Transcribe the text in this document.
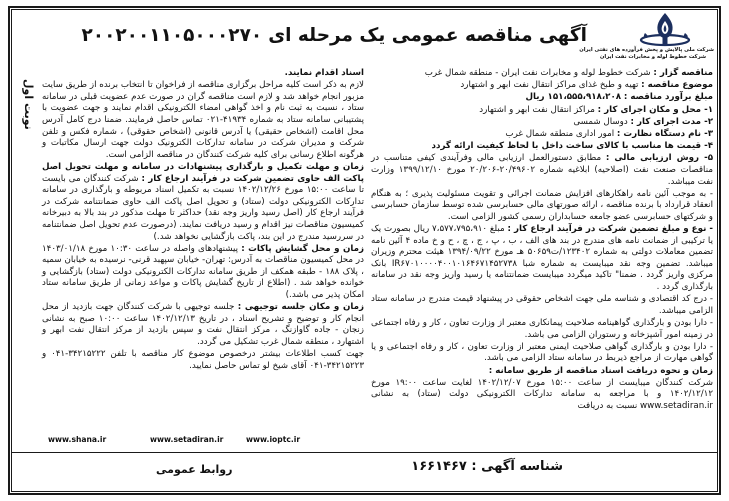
شرکت ملی پالایش و پخش فرآورده های نفتی ایران
شرکت خطوط لوله و مخابرات نفت ایران
آگهی مناقصه عمومی یک مرحله ای۲۰۰۲۰۰۱۱۰۵۰۰۰۲۷۰
نوبت اول

مناقصه گزار : شرکت خطوط لوله و مخابرات نفت ایران - منطقه شمال غرب

موضوع مناقصه : تهیه و طبخ غذای مراکز انتقال نفت ابهر و اشتهارد

مبلغ برآورد مناقصه : ۱۵۱،۵۵۵،۹۱۸،۲۰۸ ریال

۱- محل و مکان اجرای کار : مراکز انتقال نفت ابهر و اشتهارد

۲- مدت اجرای کار : دوسال شمسی

۳- نام دستگاه نظارت : امور اداری منطقه شمال غرب

۴- قیمت ها مناسب با کالای ساخت داخل با لحاظ کیفیت ارائه گردد

۵- روش ارزیابی مالی : مطابق دستورالعمل ارزیابی مالی وفرآیندی کیفی متناسب در مناقصات صنعت نفت (اصلاحیه) ابلاغیه شماره ۲۰/۴۹۶۰۲-۲۰/۲۰۶ مورخ ۱۳۹۹/۱۲/۱۰ وزارت نفت میباشد.

- به موجب آئین نامه راهکارهای افزایش ضمانت اجرائی و تقویت مسئولیت پذیری ؛ به هنگام انعقاد قرارداد با برنده مناقصه ، ارائه صورتهای مالی حسابرسی شده توسط سازمان حسابرسی و شرکتهای حسابرسی عضو جامعه حسابداران رسمی کشور الزامی است.

- نوع و مبلغ تضمین شرکت در فرآیند ارجاع کار : مبلغ ۷،۵۷۷،۷۹۵،۹۱۰ ریال بصورت یک یا ترکیبی از ضمانت نامه های مندرج در بند های الف ، ب ، پ ، ج ، چ ، ح و خ ماده ۴ آئین نامه تضمین معاملات دولتی به شماره ۱۲۳۴۰۲/ت۵۰۶۵۹ هـ مورخ ۱۳۹۴/۰۹/۲۲ هیئت محترم وزیران میباشد. تضمین وجه نقد میبایست به شماره شبا IR۶۷۰۱۰۰۰۰۴۰۰۱۰۱۶۴۶۷۱۴۵۲۷۳۸ بانک مرکزی واریز گردد . ضمنا" تاکید میگردد میبایست ضمانتنامه یا رسید واریز وجه نقد در سامانه بارگذاری گردد .

- درج کد اقتصادی و شناسه ملی جهت اشخاص حقوقی در پیشنهاد قیمت مندرج در سامانه ستاد الزامی میباشد.

- دارا بودن و بارگذاری گواهینامه صلاحیت پیمانکاری معتبر از وزارت تعاون ، کار و رفاه اجتماعی در زمینه امور آشپزخانه و رستوران الزامی می باشد.

- دارا بودن و بارگذاری گواهی صلاحیت ایمنی معتبر از وزارت تعاون ، کار و رفاه اجتماعی و یا گواهی مهارت از مراجع ذیربط در سامانه ستاد الزامی می باشد.

زمان و نحوه دریافت اسناد مناقصه از طریق سامانه :

شرکت کنندگان میبایست از ساعت ۱۵:۰۰ مورخ ۱۴۰۲/۱۲/۰۷ لغایت ساعت ۱۹:۰۰ مورخ ۱۴۰۲/۱۲/۱۲ و با مراجعه به سامانه تدارکات الکترونیکی دولت (ستاد) به نشانی www.setadiran.ir نسبت به دریافت

اسناد اقدام نمایند.

لازم به ذکر است کلیه مراحل برگزاری مناقصه از فراخوان تا انتخاب برنده از طریق سایت مزبور انجام خواهد شد و لازم است مناقصه گران در صورت عدم عضویت قبلی در سامانه ستاد ، نسبت به ثبت نام و اخذ گواهی امضاء الکترونیکی اقدام نمایند و جهت عضویت با پشتیبانی سامانه ستاد به شماره ۴۱۹۳۴-۰۲۱ تماس حاصل فرمایند. ضمنا درج کامل آدرس محل اقامت (اشخاص حقیقی) یا آدرس قانونی (اشخاص حقوقی) ، شماره فکس و تلفن شرکت و مدیران شرکت در سامانه تدارکات الکترونیک دولت جهت ارسال مکاتبات و هرگونه اطلاع رسانی برای کلیه شرکت کنندگان در مناقصه الزامی است.

زمان و مهلت تکمیل و بارگذاری پیشنهادات در سامانه و مهلت تحویل اصل پاکت الف حاوی تضمین شرکت در فرآیند ارجاع کار : شرکت کنندگان می بایست تا ساعت ۱۵:۰۰ مورخ ۱۴۰۲/۱۲/۲۶ نسبت به تکمیل اسناد مربوطه و بارگذاری در سامانه تدارکات الکترونیکی دولت (ستاد) و تحویل اصل پاکت الف حاوی ضمانتنامه شرکت در فرآیند ارجاع کار (اصل رسید واریز وجه نقد) حداکثر تا مهلت مذکور در بند بالا به دبیرخانه کمیسیون مناقصات نیز اقدام و رسید دریافت نمایند. (درصورت عدم تحویل اصل ضمانتنامه در سررسید مندرج در این بند، پاکت بازگشایی نخواهد شد.)

زمان و محل گشایش پاکات : پیشنهادهای واصله در ساعت ۱۰:۳۰ مورخ ۱۴۰۳/۰۱/۱۸ در محل کمیسیون مناقصات به آدرس: تهران- خیابان سپهبد قرنی- نرسیده به خیابان سمیه ، پلاک ۱۸۸ - طبقه همکف از طریق سامانه تدارکات الکترونیکی دولت (ستاد) بازگشایی و خوانده خواهد شد . (اطلاع از تاریخ گشایش پاکات و مواعد زمانی از طریق سامانه ستاد امکان پذیر می باشد.)

زمان و مکان جلسه توجیهی : جلسه توجیهی با شرکت کنندگان جهت بازدید از محل انجام کار و توضیح و تشریح اسناد ، در تاریخ ۱۴۰۲/۱۲/۱۳ ساعت ۱۰:۰۰ صبح به نشانی زنجان - جاده گاوازنگ ، مرکز انتقال نفت و سپس بازدید از مرکز انتقال نفت ابهر و اشتهارد ، منطقه شمال غرب تشکیل می گردد.

جهت کسب اطلاعات بیشتر درخصوص موضوع کار مناقصه با تلفن ۳۴۲۱۵۲۲۲-۰۴۱ و ۳۴۲۱۵۲۲۳-۰۴۱ آقای شیخ لو تماس حاصل نمایید.

www.shana.ir	www.setadiran.ir	www.ioptc.ir
شناسه آگهی : ۱۶۶۱۴۶۷
روابط عمومی
